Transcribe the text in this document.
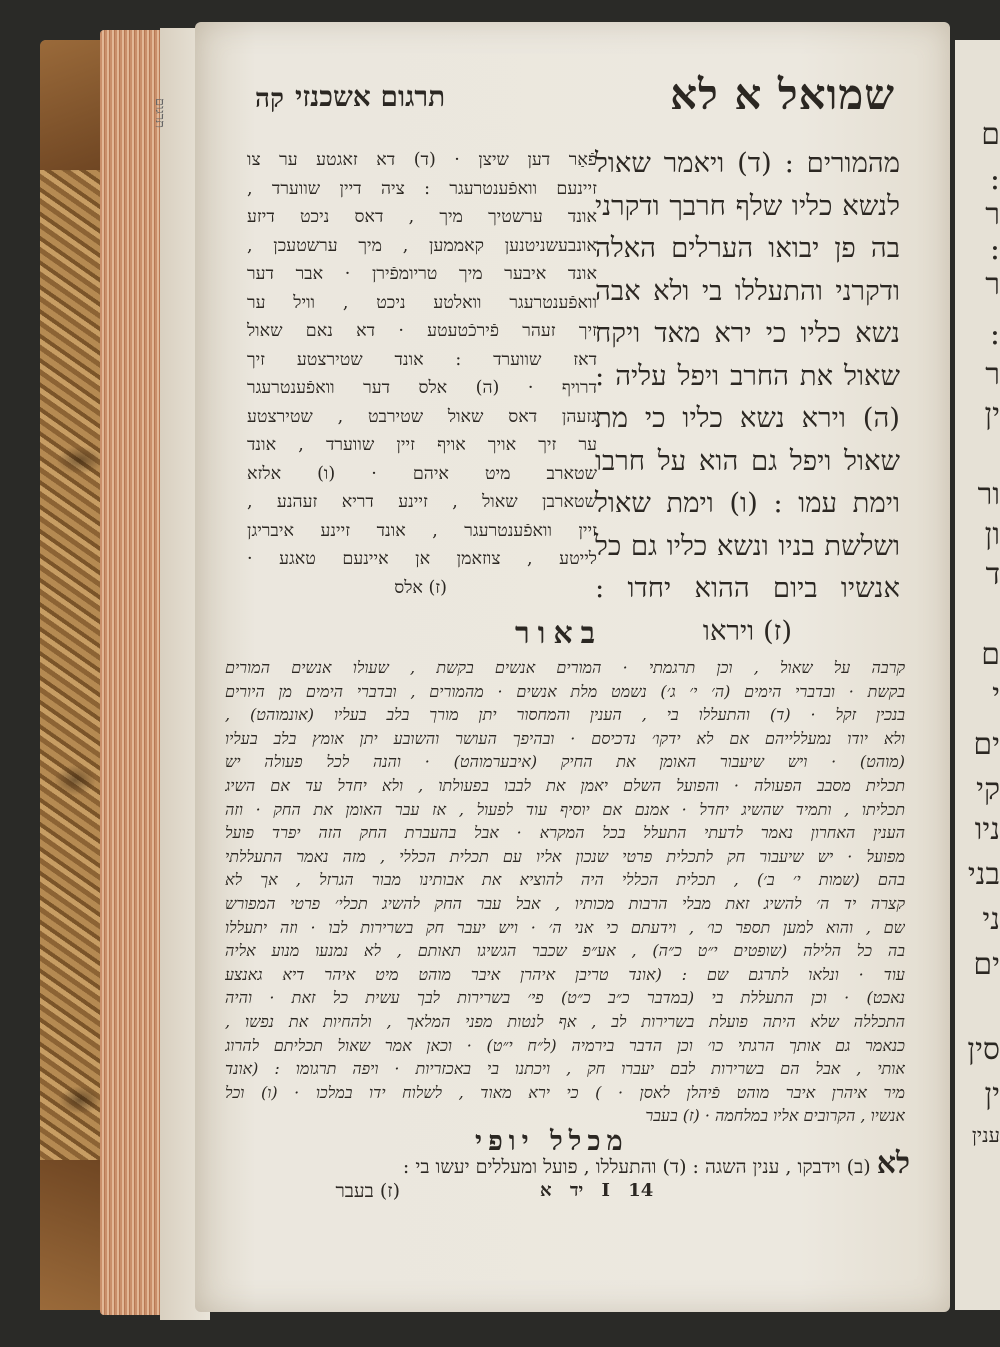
תרגום	שמואל א לא
תרגום אשכנזי
קה
מהמורים : (ד) ויאמר שאול
לנשא כליו שלף חרבך ודקרני
בה פן יבואו הערלים האלה
ודקרני והתעללו בי ולא אבה
נשא כליו כי ירא מאד ויקח
שאול את החרב ויפל עליה :
(ה) וירא נשא כליו כי מת
שאול ויפל גם הוא על חרבו
וימת עמו : (ו) וימת שאול
ושלשת בניו ונשא כליו גם כל
אנשיו ביום ההוא יחדו :
(ז) ויראו
פֿאַר דען שיצן · (ד) דא זאגטע ער צו
זיינעם וואפֿענטרעגר : ציה דיין שווערד ,
אונד ערשטיך מיך , דאס ניכט דיזע
אונבעשניטנען קאממען , מיך ערשטעכן ,
אונד איבער מיך טריומפֿירן · אבר דער
וואפֿענטרעגר וואלטע ניכט , וויל ער
זיך זעהר פֿירכֿטעטע · דא נאם שאול
דאז שווערד : אונד שטירצטע זיך
דרויף · (ה) אלס דער וואפֿענטרעגר
גזעהן דאס שאול שטירבט , שטירצטע
ער זיך אויך אויף זיין שווערד , אונד
שטארב מיט איהם · (ו) אלזא
שטארבן שאול , זיינע דריא זעהנע ,
זיין וואפֿענטרעגר , אונד זיינע איבריגן
לייטע , צוזאמן אן איינעם טאגע ·
(ז) אלס
באור
קרבה על שאול , וכן תרגמתי · המורים אנשים בקשת , שעולו אנשים המורים
בקשת · ובדברי הימים (ה׳ י׳ ג׳) נשמט מלת אנשים · מהמורים , ובדברי הימים מן היורים
בנכין זקל · (ד) והתעללו בי , הענין והמחסור יתן מורך בלב בעליו (אונמוהט) ,
ולא יודו נמעללייהם אם לא ידקו׳ נדכיסם · ובהיפך העושר והשובע יתן אומץ בלב בעליו
(מוהט) · ויש שיעבור האומן את החיק (איבערמוהט) · והנה לכל פעולה יש
תכלית מסבב הפעולה · והפועל השלם יאמן את לבבו בפעולתו , ולא יחדל עד אם השיג
תכליתו , ותמיד שהשיג יחדל · אמנם אם יוסיף עוד לפעול , אז עבר האומן את החק · וזה
הענין האחרון נאמר לדעתי התעלל בכל המקרא · אבל בהעברת החק הזה יפרד פועל
מפועל · יש שיעבור חק לתכלית פרטי שנכון אליו עם תכלית הכללי , מזה נאמר התעללתי
בהם (שמות י׳ ב׳) , תכלית הכללי היה להוציא את אבותינו מבור הגרזל , אך לא
קצרה יד ה׳ להשיג זאת מבלי הרבות מכותיו , אבל עבר החק להשיג תכלי׳ פרטי המפורש
שם , והוא למען תספר כו׳ , וידעתם כי אני ה׳ · ויש יעבר חק בשרירות לבו · וזה יתעללו
בה כל הלילה (שופטים י״ט כ״ה) , אע״פ שכבר הגשיגו תאותם , לא נמנעו מנוע אליה
עוד · ונלאו לתרגם שם : (אונד טריבן איהרן איבר מוהט מיט איהר דיא גאנצע
נאכט) · וכן התעללת בי (במדבר כ״ב כ״ט) פי׳ בשרירות לבך עשית כל זאת · והיה
התכללה שלא היתה פועלת בשרירות לב , אף לנטות מפני המלאך , ולהחיות את נפשו ,
כנאמר גם אותך הרגתי כו׳ וכן הדבר בירמיה (ל״ח י״ט) · וכאן אמר שאול תכליתם להרוג
אותי , אבל הם בשרירות לבם יעברו חק , ויכתנו בי באכזריות · ויפה תרגומו : (אונד
מיר איהרן איבר מוהט פֿיהלן לאסן · ) כי ירא מאוד , לשלוח ידו במלכו · (ו) וכל
אנשיו , הקרובים אליו במלחמה · (ז) בעבר
מכלל יופי
לא (ב) וידבקו , ענין השגה : (ד) והתעללו , פועל ומעללים יעשו בי :
(ז) בעבר	I 14 יד א
ם
:
ר
:
ר
:
ר
ין
ור
ון
ד
ם
י
ים
קי
ניו
בני
ני
ים
סין
ין
ענין
